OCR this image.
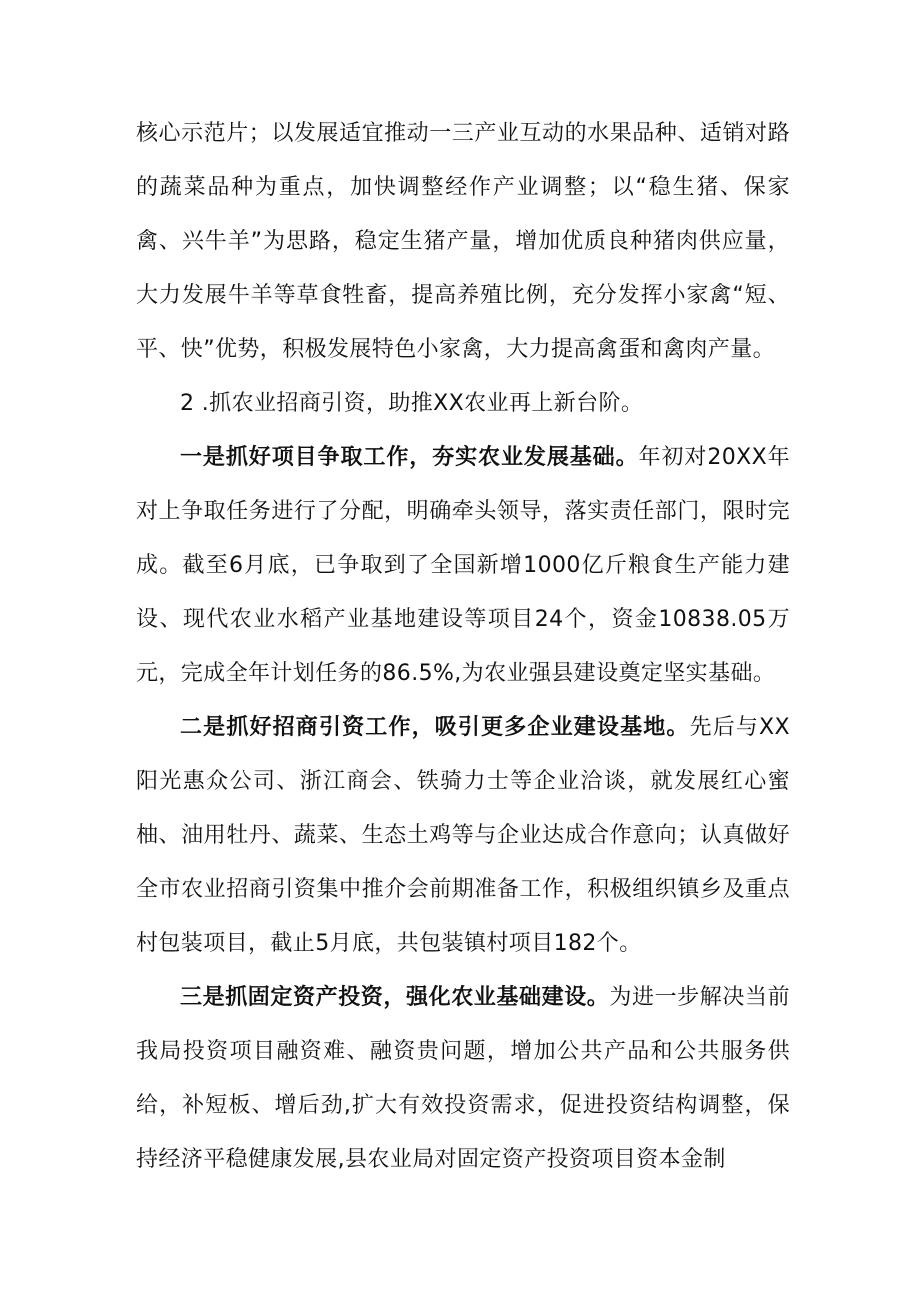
核心示范片；以发展适宜推动一三产业互动的水果品种、适销对路的蔬菜品种为重点，加快调整经作产业调整；以“稳生猪、保家禽、兴牛羊”为思路，稳定生猪产量，增加优质良种猪肉供应量，大力发展牛羊等草食牲畜，提高养殖比例，充分发挥小家禽“短、平、快”优势，积极发展特色小家禽，大力提高禽蛋和禽肉产量。

2 .抓农业招商引资，助推XX农业再上新台阶。

一是抓好项目争取工作，夯实农业发展基础。年初对20XX年对上争取任务进行了分配，明确牵头领导，落实责任部门，限时完成。截至6月底，已争取到了全国新增1000亿斤粮食生产能力建设、现代农业水稻产业基地建设等项目24个，资金10838.05万元，完成全年计划任务的86.5%,为农业强县建设奠定坚实基础。

二是抓好招商引资工作，吸引更多企业建设基地。先后与XX阳光惠众公司、浙江商会、铁骑力士等企业洽谈，就发展红心蜜柚、油用牡丹、蔬菜、生态土鸡等与企业达成合作意向；认真做好全市农业招商引资集中推介会前期准备工作，积极组织镇乡及重点村包装项目，截止5月底，共包装镇村项目182个。

三是抓固定资产投资，强化农业基础建设。为进一步解决当前我局投资项目融资难、融资贵问题，增加公共产品和公共服务供给，补短板、增后劲,扩大有效投资需求，促进投资结构调整，保持经济平稳健康发展,县农业局对固定资产投资项目资本金制
